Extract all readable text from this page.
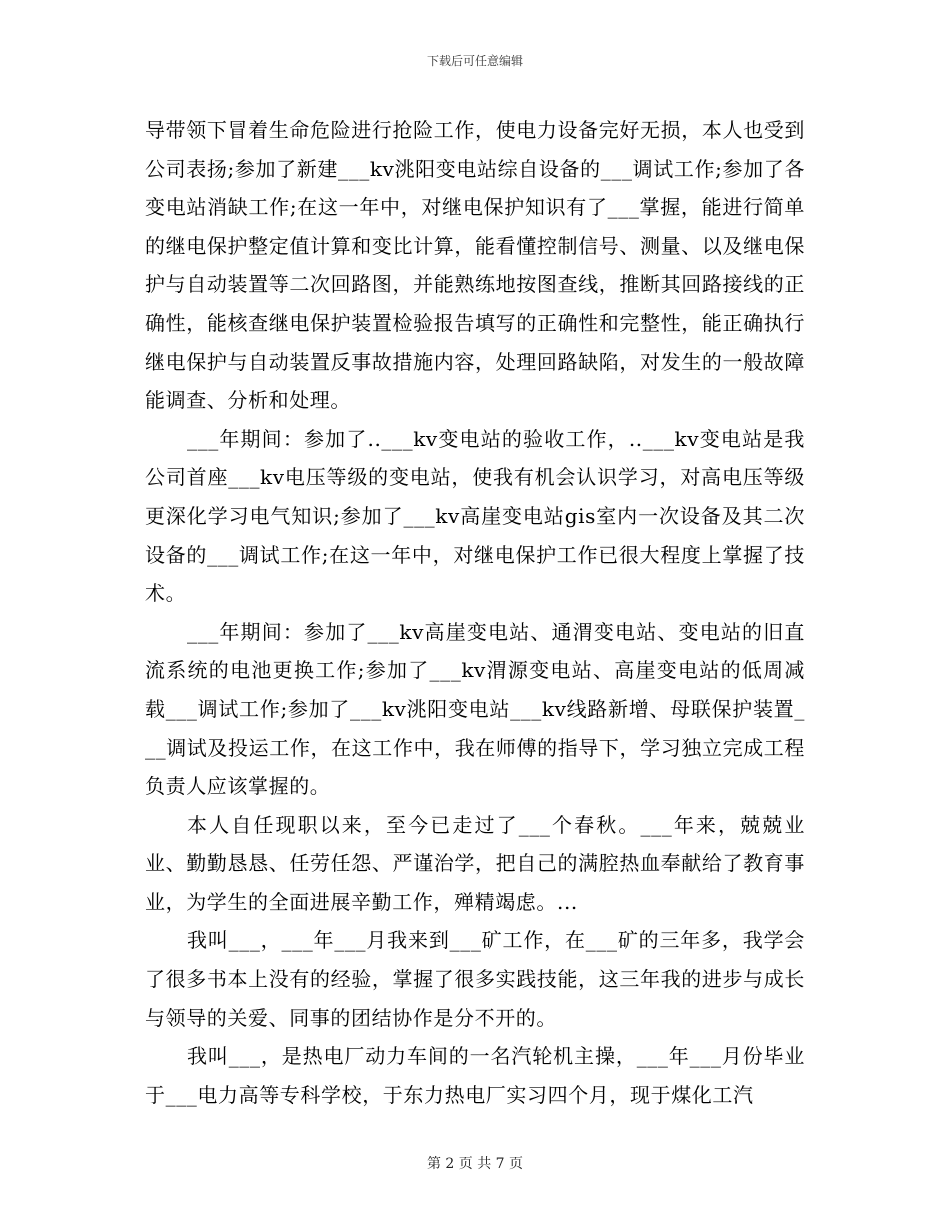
下载后可任意编辑

导带领下冒着生命危险进行抢险工作，使电力设备完好无损，本人也受到公司表扬;参加了新建___kv洮阳变电站综自设备的___调试工作;参加了各变电站消缺工作;在这一年中，对继电保护知识有了___掌握，能进行简单的继电保护整定值计算和变比计算，能看懂控制信号、测量、以及继电保护与自动装置等二次回路图，并能熟练地按图查线，推断其回路接线的正确性，能核查继电保护装置检验报告填写的正确性和完整性，能正确执行继电保护与自动装置反事故措施内容，处理回路缺陷，对发生的一般故障能调查、分析和处理。

___年期间：参加了..___kv变电站的验收工作，..___kv变电站是我公司首座___kv电压等级的变电站，使我有机会认识学习，对高电压等级更深化学习电气知识;参加了___kv高崖变电站gis室内一次设备及其二次设备的___调试工作;在这一年中，对继电保护工作已很大程度上掌握了技术。

___年期间：参加了___kv高崖变电站、通渭变电站、变电站的旧直流系统的电池更换工作;参加了___kv渭源变电站、高崖变电站的低周减载___调试工作;参加了___kv洮阳变电站___kv线路新增、母联保护装置___调试及投运工作，在这工作中，我在师傅的指导下，学习独立完成工程负责人应该掌握的。

本人自任现职以来，至今已走过了___个春秋。___年来，兢兢业业、勤勤恳恳、任劳任怨、严谨治学，把自己的满腔热血奉献给了教育事业，为学生的全面进展辛勤工作，殚精竭虑。...

我叫___，___年___月我来到___矿工作，在___矿的三年多，我学会了很多书本上没有的经验，掌握了很多实践技能，这三年我的进步与成长与领导的关爱、同事的团结协作是分不开的。

我叫___，是热电厂动力车间的一名汽轮机主操，___年___月份毕业于___电力高等专科学校，于东力热电厂实习四个月，现于煤化工汽

第 2 页 共 7 页
